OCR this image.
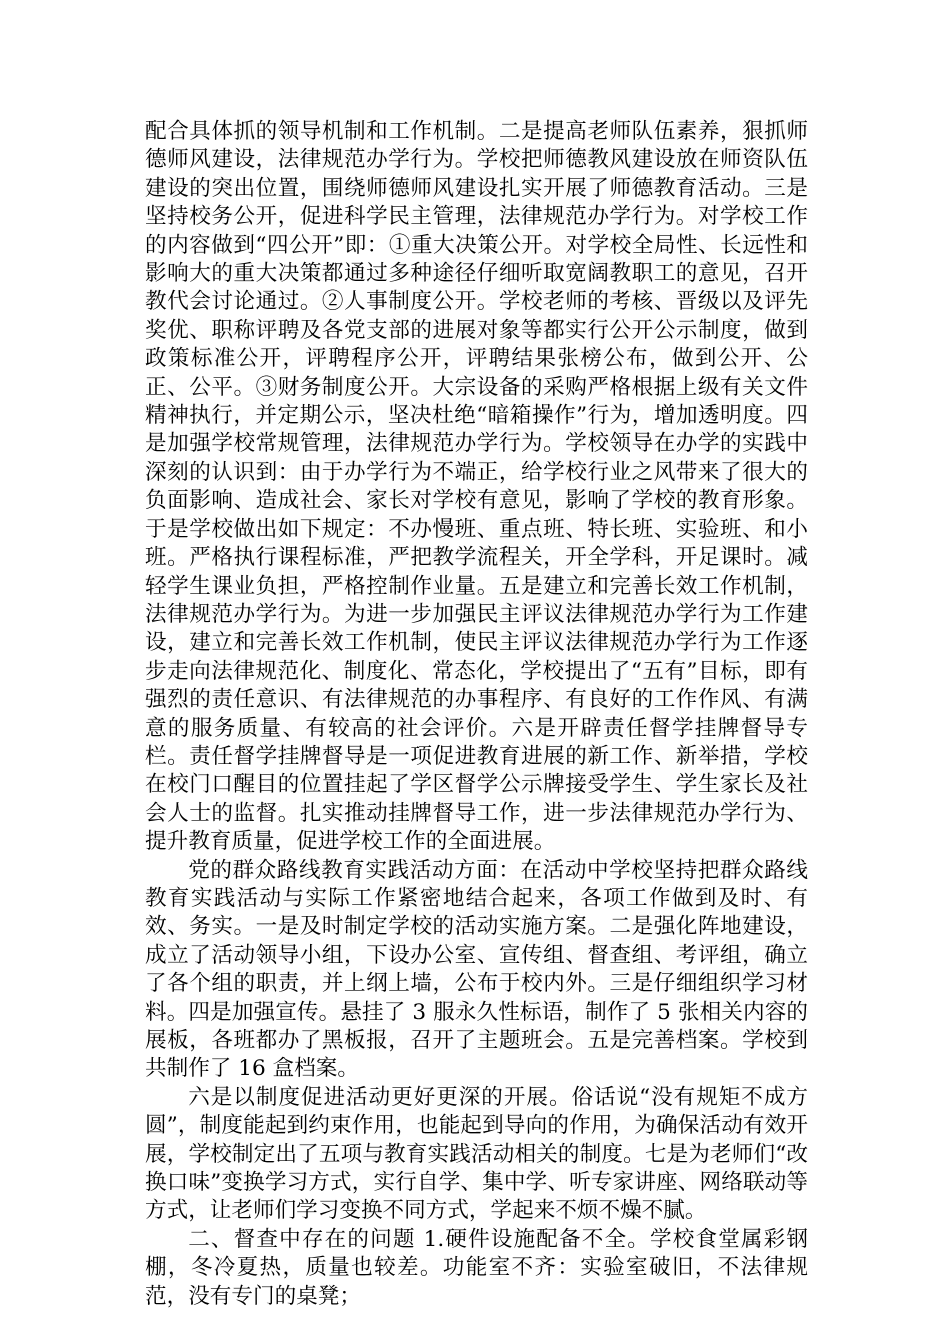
配合具体抓的领导机制和工作机制。二是提高老师队伍素养，狠抓师德师风建设，法律规范办学行为。学校把师德教风建设放在师资队伍建设的突出位置，围绕师德师风建设扎实开展了师德教育活动。三是坚持校务公开，促进科学民主管理，法律规范办学行为。对学校工作的内容做到“四公开”即：①重大决策公开。对学校全局性、长远性和影响大的重大决策都通过多种途径仔细听取宽阔教职工的意见，召开教代会讨论通过。②人事制度公开。学校老师的考核、晋级以及评先奖优、职称评聘及各党支部的进展对象等都实行公开公示制度，做到政策标准公开，评聘程序公开，评聘结果张榜公布，做到公开、公正、公平。③财务制度公开。大宗设备的采购严格根据上级有关文件精神执行，并定期公示，坚决杜绝“暗箱操作”行为，增加透明度。四是加强学校常规管理，法律规范办学行为。学校领导在办学的实践中深刻的认识到：由于办学行为不端正，给学校行业之风带来了很大的负面影响、造成社会、家长对学校有意见，影响了学校的教育形象。于是学校做出如下规定：不办慢班、重点班、特长班、实验班、和小班。严格执行课程标准，严把教学流程关，开全学科，开足课时。减轻学生课业负担，严格控制作业量。五是建立和完善长效工作机制，法律规范办学行为。为进一步加强民主评议法律规范办学行为工作建设，建立和完善长效工作机制，使民主评议法律规范办学行为工作逐步走向法律规范化、制度化、常态化，学校提出了“五有”目标，即有强烈的责任意识、有法律规范的办事程序、有良好的工作作风、有满意的服务质量、有较高的社会评价。六是开辟责任督学挂牌督导专栏。责任督学挂牌督导是一项促进教育进展的新工作、新举措，学校在校门口醒目的位置挂起了学区督学公示牌接受学生、学生家长及社会人士的监督。扎实推动挂牌督导工作，进一步法律规范办学行为、提升教育质量，促进学校工作的全面进展。

党的群众路线教育实践活动方面：在活动中学校坚持把群众路线教育实践活动与实际工作紧密地结合起来，各项工作做到及时、有效、务实。一是及时制定学校的活动实施方案。二是强化阵地建设，成立了活动领导小组，下设办公室、宣传组、督查组、考评组，确立了各个组的职责，并上纲上墙，公布于校内外。三是仔细组织学习材料。四是加强宣传。悬挂了 3 服永久性标语，制作了 5 张相关内容的展板，各班都办了黑板报，召开了主题班会。五是完善档案。学校到共制作了 16 盒档案。

六是以制度促进活动更好更深的开展。俗话说“没有规矩不成方圆”，制度能起到约束作用，也能起到导向的作用，为确保活动有效开展，学校制定出了五项与教育实践活动相关的制度。七是为老师们“改换口味”变换学习方式，实行自学、集中学、听专家讲座、网络联动等方式，让老师们学习变换不同方式，学起来不烦不燥不腻。

二、督查中存在的问题 1.硬件设施配备不全。学校食堂属彩钢棚，冬冷夏热，质量也较差。功能室不齐：实验室破旧，不法律规范，没有专门的桌凳；
